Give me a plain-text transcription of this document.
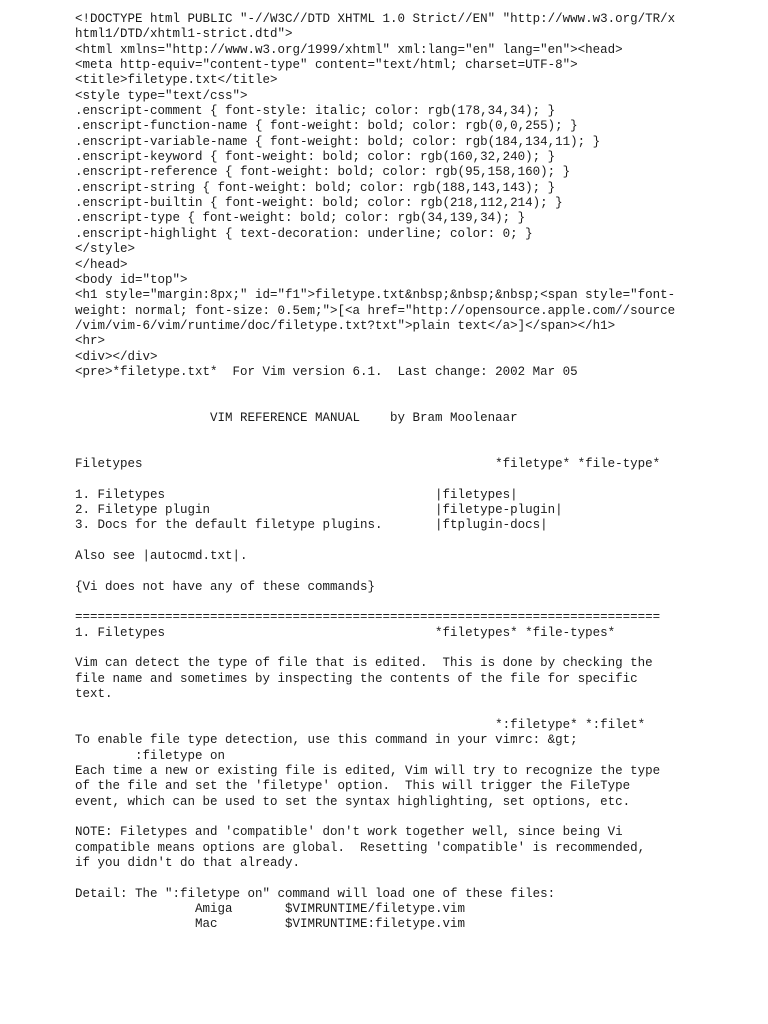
<!DOCTYPE html PUBLIC "-//W3C//DTD XHTML 1.0 Strict//EN" "http://www.w3.org/TR/x
html1/DTD/xhtml1-strict.dtd">
<html xmlns="http://www.w3.org/1999/xhtml" xml:lang="en" lang="en"><head>
<meta http-equiv="content-type" content="text/html; charset=UTF-8">
<title>filetype.txt</title>
<style type="text/css">
.enscript-comment { font-style: italic; color: rgb(178,34,34); }
.enscript-function-name { font-weight: bold; color: rgb(0,0,255); }
.enscript-variable-name { font-weight: bold; color: rgb(184,134,11); }
.enscript-keyword { font-weight: bold; color: rgb(160,32,240); }
.enscript-reference { font-weight: bold; color: rgb(95,158,160); }
.enscript-string { font-weight: bold; color: rgb(188,143,143); }
.enscript-builtin { font-weight: bold; color: rgb(218,112,214); }
.enscript-type { font-weight: bold; color: rgb(34,139,34); }
.enscript-highlight { text-decoration: underline; color: 0; }
</style>
</head>
<body id="top">
<h1 style="margin:8px;" id="f1">filetype.txt&nbsp;&nbsp;&nbsp;<span style="font-
weight: normal; font-size: 0.5em;">[<a href="http://opensource.apple.com//source
/vim/vim-6/vim/runtime/doc/filetype.txt?txt">plain text</a>]</span></h1>
<hr>
<div></div>
<pre>*filetype.txt*  For Vim version 6.1.  Last change: 2002 Mar 05
VIM REFERENCE MANUAL    by Bram Moolenaar
Filetypes                                               *filetype* *file-type*
1. Filetypes                                    |filetypes|
2. Filetype plugin                              |filetype-plugin|
3. Docs for the default filetype plugins.       |ftplugin-docs|
Also see |autocmd.txt|.
{Vi does not have any of these commands}
==============================================================================
1. Filetypes                                    *filetypes* *file-types*
Vim can detect the type of file that is edited.  This is done by checking the
file name and sometimes by inspecting the contents of the file for specific
text.
*:filetype* *:filet*
To enable file type detection, use this command in your vimrc: &gt;
:filetype on
Each time a new or existing file is edited, Vim will try to recognize the type
of the file and set the 'filetype' option.  This will trigger the FileType
event, which can be used to set the syntax highlighting, set options, etc.
NOTE: Filetypes and 'compatible' don't work together well, since being Vi
compatible means options are global.  Resetting 'compatible' is recommended,
if you didn't do that already.
Detail: The ":filetype on" command will load one of these files:
Amiga       $VIMRUNTIME/filetype.vim
Mac         $VIMRUNTIME:filetype.vim
